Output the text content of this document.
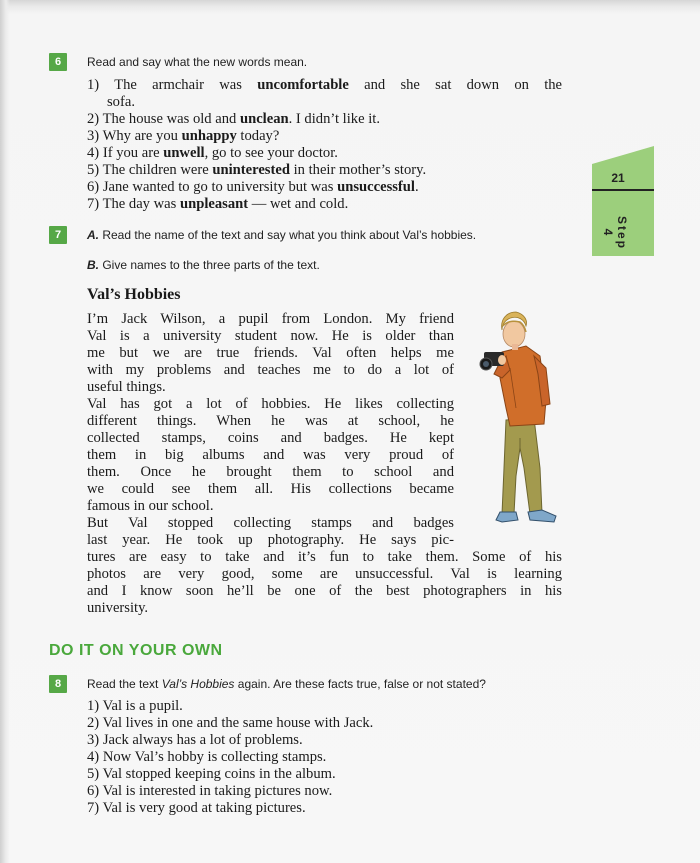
21
Step 4
6	Read and say what the new words mean.
1) The armchair was uncomfortable and she sat down on the
sofa.
2) The house was old and unclean. I didn’t like it.
3) Why are you unhappy today?
4) If you are unwell, go to see your doctor.
5) The children were uninterested in their mother’s story.
6) Jane wanted to go to university but was unsuccessful.
7) The day was unpleasant — wet and cold.
7	A. Read the name of the text and say what you think about Val’s hobbies.
B. Give names to the three parts of the text.
Val’s Hobbies
I’m Jack Wilson, a pupil from London. My friend
Val is a university student now. He is older than
me but we are true friends. Val often helps me
with my problems and teaches me to do a lot of
useful things.
Val has got a lot of hobbies. He likes collecting
different things. When he was at school, he
collected stamps, coins and badges. He kept
them in big albums and was very proud of
them. Once he brought them to school and
we could see them all. His collections became
famous in our school.
But Val stopped collecting stamps and badges
last year. He took up photography. He says pic-
tures are easy to take and it’s fun to take them. Some of his
photos are very good, some are unsuccessful. Val is learning
and I know soon he’ll be one of the best photographers in his
university.
DO IT ON YOUR OWN
8	Read the text Val’s Hobbies again. Are these facts true, false or not stated?
1) Val is a pupil.
2) Val lives in one and the same house with Jack.
3) Jack always has a lot of problems.
4) Now Val’s hobby is collecting stamps.
5) Val stopped keeping coins in the album.
6) Val is interested in taking pictures now.
7) Val is very good at taking pictures.
